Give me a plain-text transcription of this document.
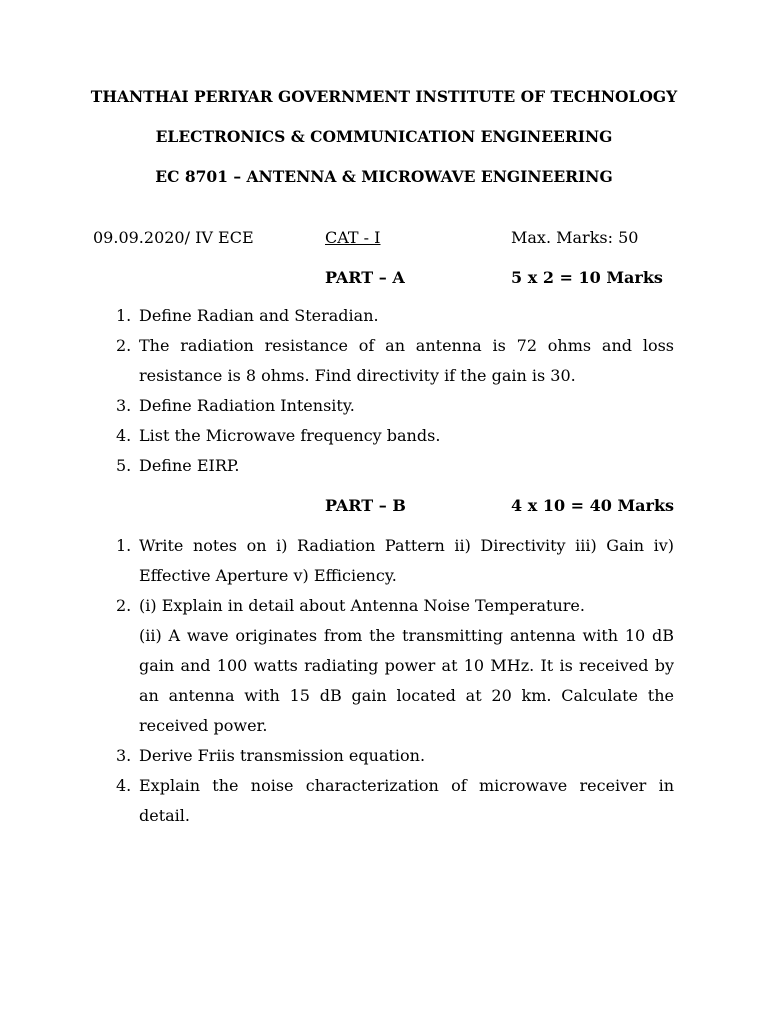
THANTHAI PERIYAR GOVERNMENT INSTITUTE OF TECHNOLOGY
ELECTRONICS & COMMUNICATION ENGINEERING
EC 8701 – ANTENNA & MICROWAVE ENGINEERING
09.09.2020/ IV ECE	CAT - I	Max. Marks: 50
PART – A	5 x 2 = 10 Marks
1. Define Radian and Steradian.
2. The radiation resistance of an antenna is 72 ohms and loss resistance is 8 ohms. Find directivity if the gain is 30.
3. Define Radiation Intensity.
4. List the Microwave frequency bands.
5. Define EIRP.
PART – B	4 x 10 = 40 Marks
1. Write notes on i) Radiation Pattern ii) Directivity iii) Gain iv) Effective Aperture v) Efficiency.
2. (i) Explain in detail about Antenna Noise Temperature.
(ii) A wave originates from the transmitting antenna with 10 dB gain and 100 watts radiating power at 10 MHz. It is received by an antenna with 15 dB gain located at 20 km. Calculate the received power.
3. Derive Friis transmission equation.
4. Explain the noise characterization of microwave receiver in detail.
